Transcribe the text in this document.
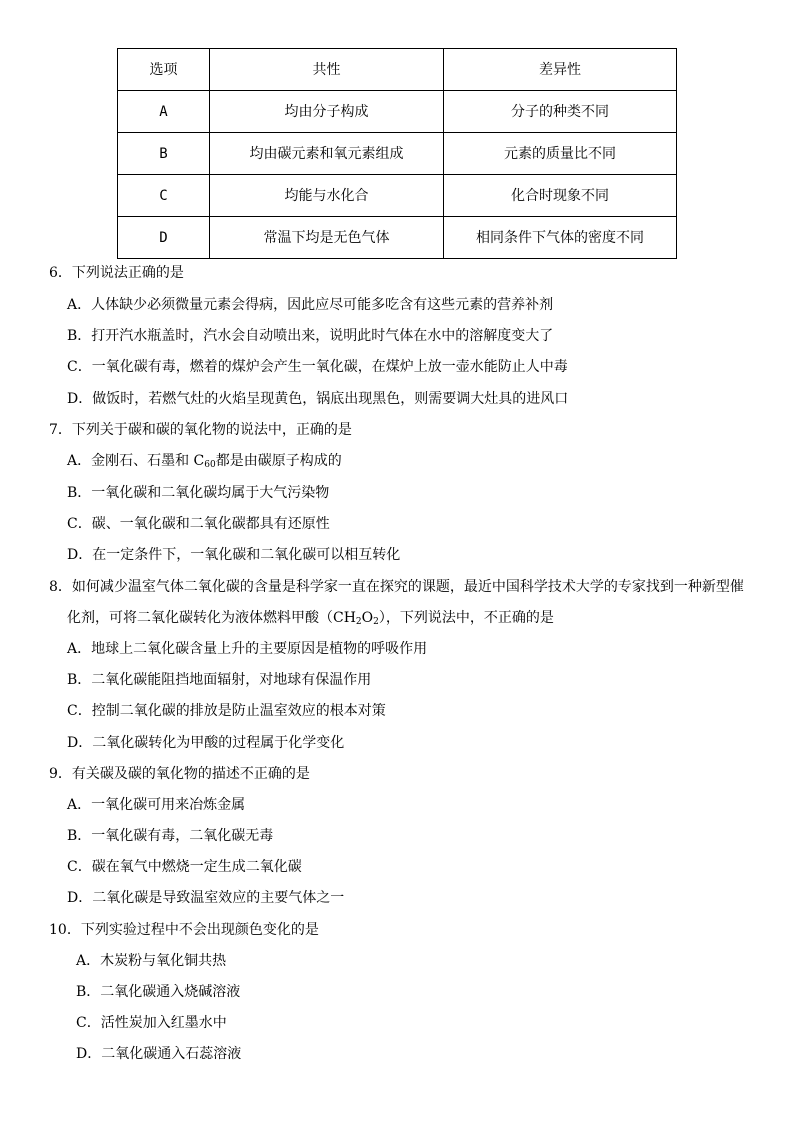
选项	共性	差异性
A	均由分子构成	分子的种类不同
B	均由碳元素和氧元素组成	元素的质量比不同
C	均能与水化合	化合时现象不同
D	常温下均是无色气体	相同条件下气体的密度不同
6．下列说法正确的是
A．人体缺少必须微量元素会得病，因此应尽可能多吃含有这些元素的营养补剂
B．打开汽水瓶盖时，汽水会自动喷出来，说明此时气体在水中的溶解度变大了
C．一氧化碳有毒，燃着的煤炉会产生一氧化碳，在煤炉上放一壶水能防止人中毒
D．做饭时，若燃气灶的火焰呈现黄色，锅底出现黑色，则需要调大灶具的进风口
7．下列关于碳和碳的氧化物的说法中，正确的是
A．金刚石、石墨和 $C_{60}$都是由碳原子构成的
B．一氧化碳和二氧化碳均属于大气污染物
C．碳、一氧化碳和二氧化碳都具有还原性
D．在一定条件下，一氧化碳和二氧化碳可以相互转化
8．如何减少温室气体二氧化碳的含量是科学家一直在探究的课题，最近中国科学技术大学的专家找到一种新型催
化剂，可将二氧化碳转化为液体燃料甲酸$(CH_2O_2)$，下列说法中，不正确的是
A．地球上二氧化碳含量上升的主要原因是植物的呼吸作用
B．二氧化碳能阻挡地面辐射，对地球有保温作用
C．控制二氧化碳的排放是防止温室效应的根本对策
D．二氧化碳转化为甲酸的过程属于化学变化
9．有关碳及碳的氧化物的描述不正确的是
A．一氧化碳可用来冶炼金属
B．一氧化碳有毒，二氧化碳无毒
C．碳在氧气中燃烧一定生成二氧化碳
D．二氧化碳是导致温室效应的主要气体之一
10．下列实验过程中不会出现颜色变化的是
A．木炭粉与氧化铜共热
B．二氧化碳通入烧碱溶液
C．活性炭加入红墨水中
D．二氧化碳通入石蕊溶液
